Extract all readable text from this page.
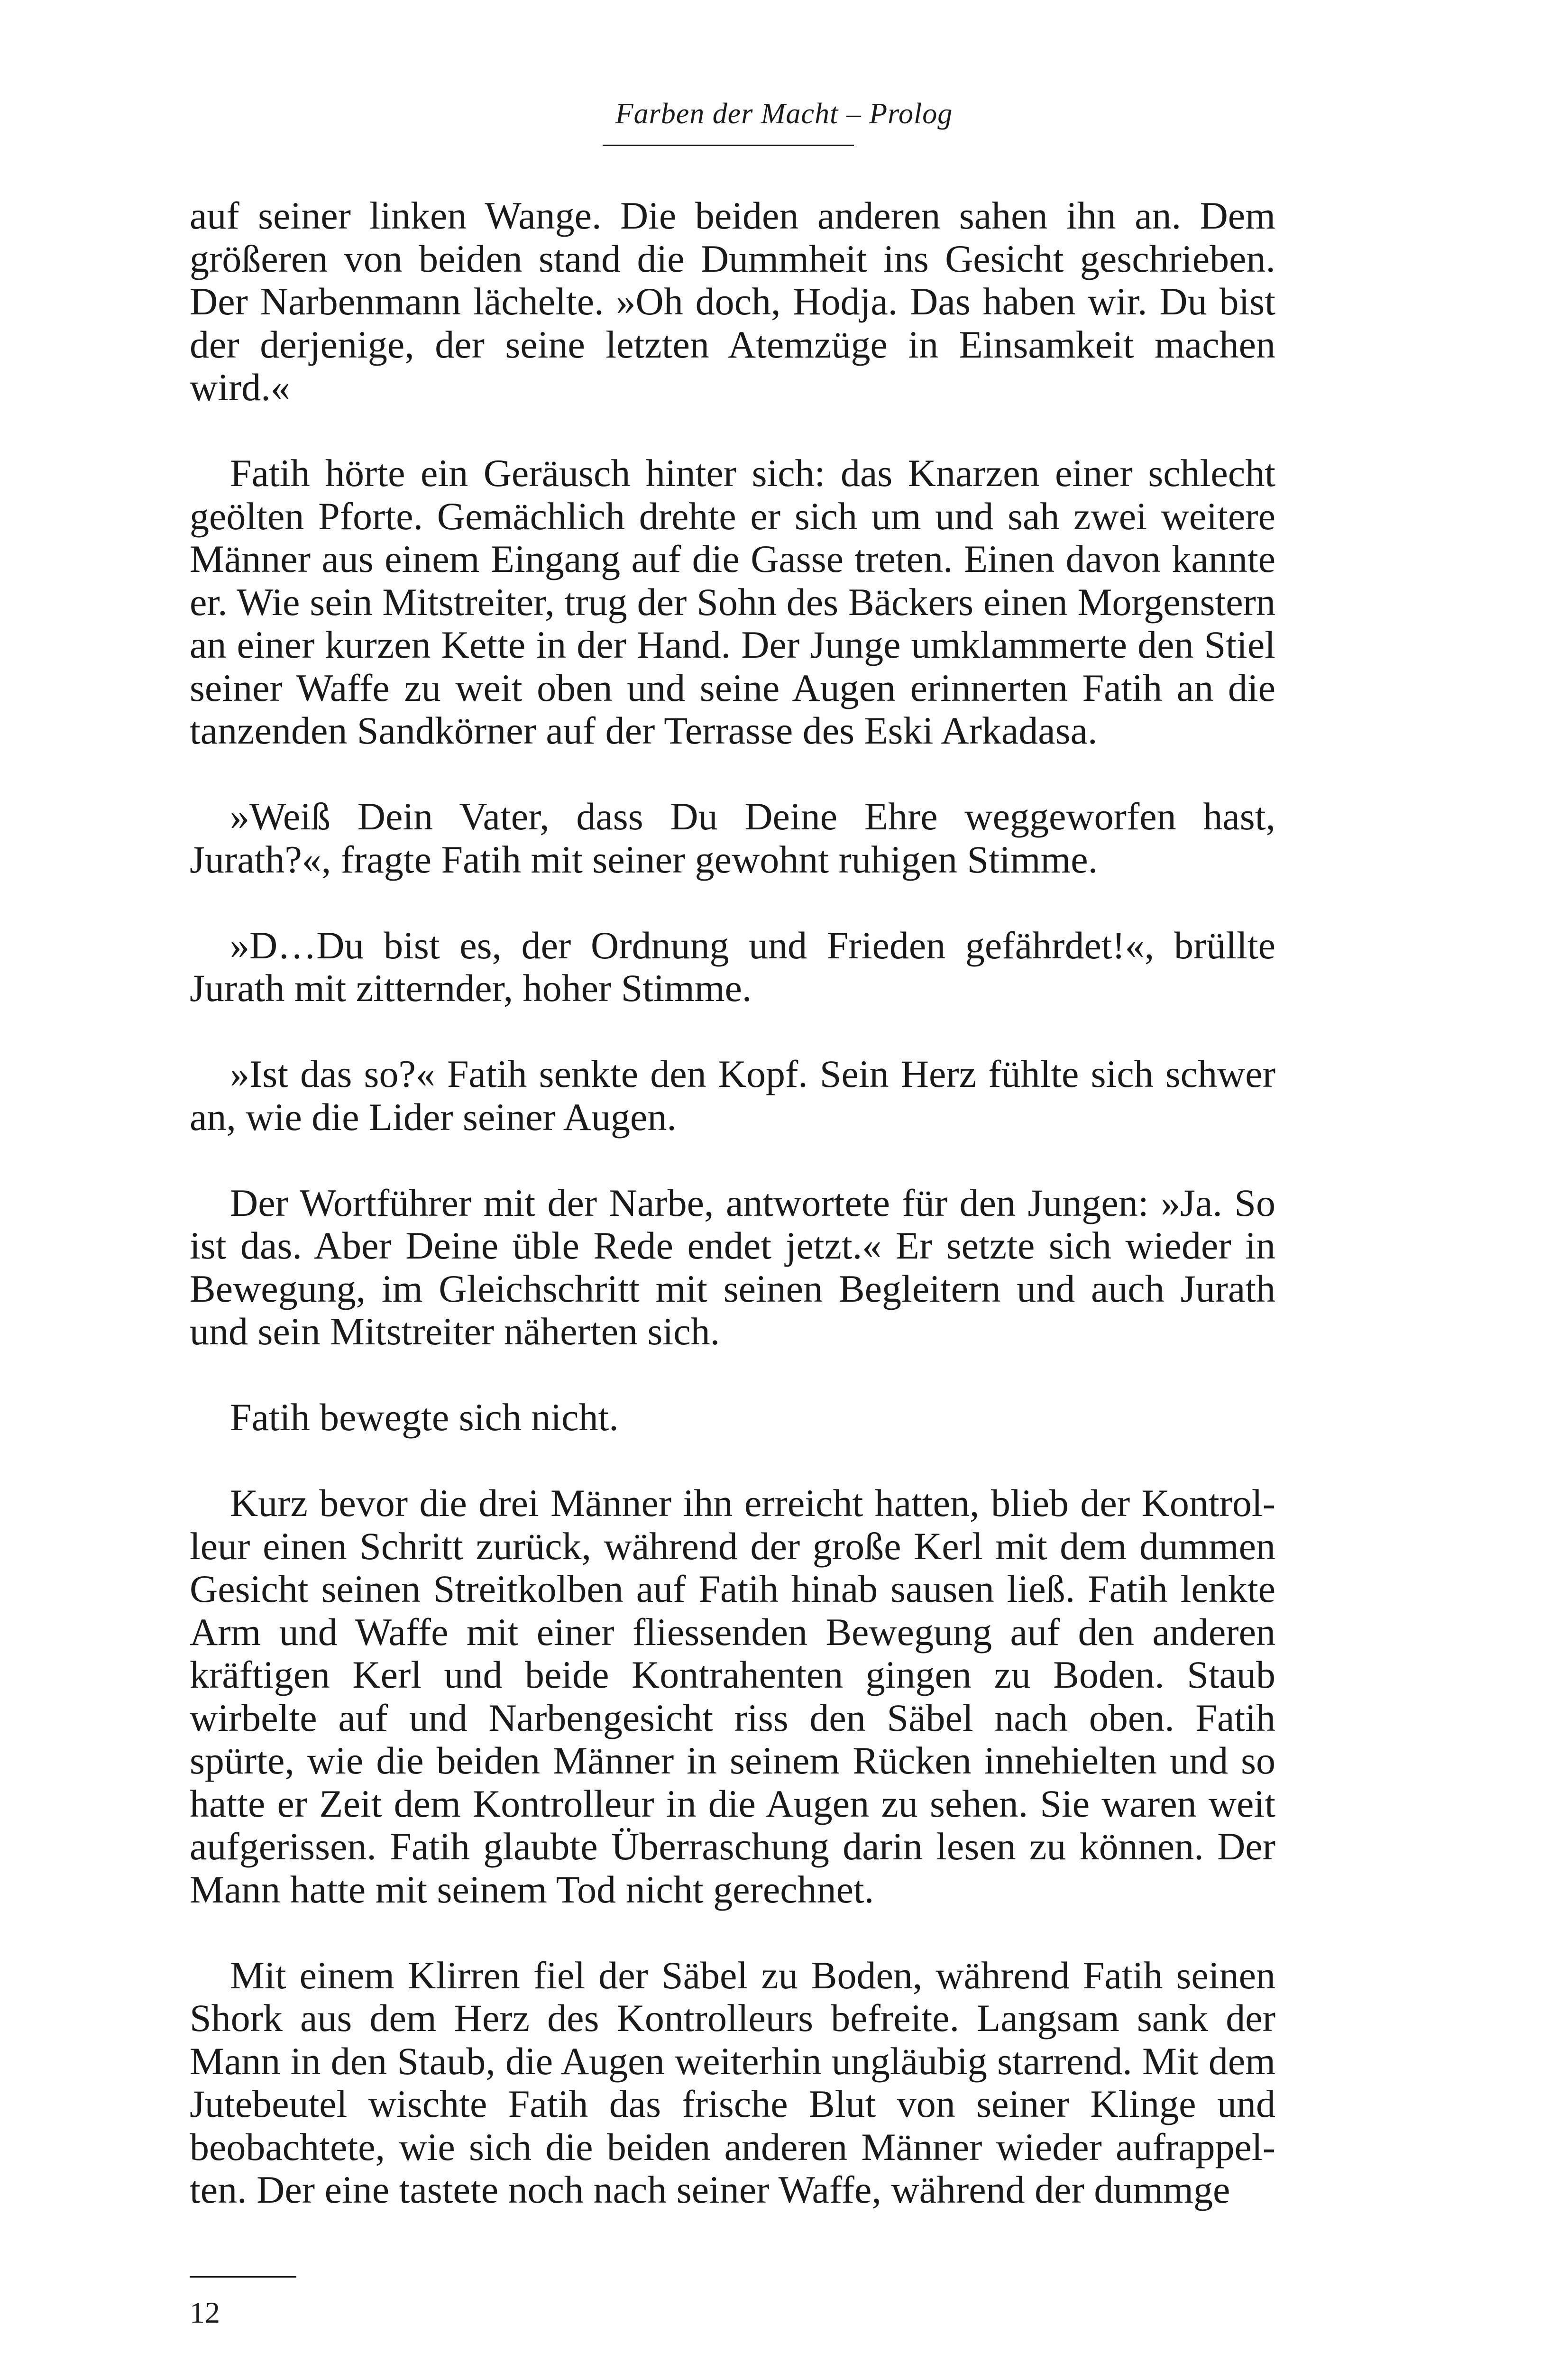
Farben der Macht – Prolog

auf seiner linken Wange. Die beiden anderen sahen ihn an. Dem größeren von beiden stand die Dummheit ins Gesicht geschrieben. Der Narbenmann lächelte. »Oh doch, Hodja. Das haben wir. Du bist der derjenige, der seine letzten Atemzüge in Einsamkeit machen wird.«

Fatih hörte ein Geräusch hinter sich: das Knarzen einer schlecht geölten Pforte. Gemächlich drehte er sich um und sah zwei weitere Männer aus einem Eingang auf die Gasse treten. Einen davon kannte er. Wie sein Mitstreiter, trug der Sohn des Bäckers einen Morgenstern an einer kurzen Kette in der Hand. Der Junge umklammerte den Stiel seiner Waffe zu weit oben und seine Augen erinnerten Fatih an die tanzenden Sandkörner auf der Terrasse des Eski Arkadasa.

»Weiß Dein Vater, dass Du Deine Ehre weggeworfen hast, Jurath?«, fragte Fatih mit seiner gewohnt ruhigen Stimme.

»D…Du bist es, der Ordnung und Frieden gefährdet!«, brüllte Jurath mit zitternder, hoher Stimme.

»Ist das so?« Fatih senkte den Kopf. Sein Herz fühlte sich schwer an, wie die Lider seiner Augen.

Der Wortführer mit der Narbe, antwortete für den Jungen: »Ja. So ist das. Aber Deine üble Rede endet jetzt.« Er setzte sich wieder in Bewegung, im Gleichschritt mit seinen Begleitern und auch Jurath und sein Mitstreiter näherten sich.

Fatih bewegte sich nicht.

Kurz bevor die drei Männer ihn erreicht hatten, blieb der Kontrolleur einen Schritt zurück, während der große Kerl mit dem dummen Gesicht seinen Streitkolben auf Fatih hinab sausen ließ. Fatih lenkte Arm und Waffe mit einer fliessenden Bewegung auf den anderen kräftigen Kerl und beide Kontrahenten gingen zu Boden. Staub wirbelte auf und Narbengesicht riss den Säbel nach oben. Fatih spürte, wie die beiden Männer in seinem Rücken innehielten und so hatte er Zeit dem Kontrolleur in die Augen zu sehen. Sie waren weit aufgerissen. Fatih glaubte Überraschung darin lesen zu können. Der Mann hatte mit seinem Tod nicht gerechnet.

Mit einem Klirren fiel der Säbel zu Boden, während Fatih seinen Shork aus dem Herz des Kontrolleurs befreite. Langsam sank der Mann in den Staub, die Augen weiterhin ungläubig starrend. Mit dem Jutebeutel wischte Fatih das frische Blut von seiner Klinge und beobachtete, wie sich die beiden anderen Männer wieder aufrappelten. Der eine tastete noch nach seiner Waffe, während der dummge

12
